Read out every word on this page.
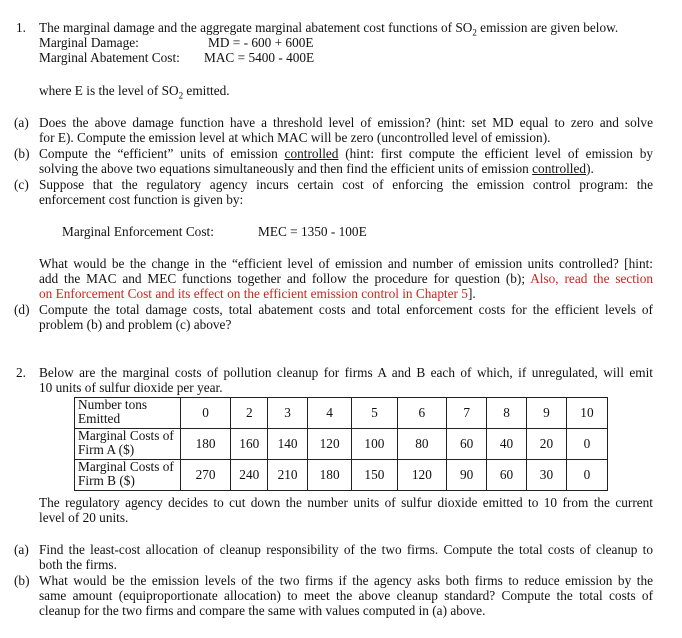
1. The marginal damage and the aggregate marginal abatement cost functions of $SO_2$ emission are given below.
Marginal Damage:	MD = - 600 + 600E
Marginal Abatement Cost: MAC = 5400 - 400E
where E is the level of $SO_2$ emitted.
(a) Does the above damage function have a threshold level of emission? (hint: set MD equal to zero and solve
for E). Compute the emission level at which MAC will be zero (uncontrolled level of emission).
(b) Compute the “efficient” units of emission controlled (hint: first compute the efficient level of emission by
solving the above two equations simultaneously and then find the efficient units of emission controlled).
(c) Suppose that the regulatory agency incurs certain cost of enforcing the emission control program: the
enforcement cost function is given by:
Marginal Enforcement Cost:	MEC = 1350 - 100E
What would be the change in the “efficient level of emission and number of emission units controlled? [hint:
add the MAC and MEC functions together and follow the procedure for question (b); Also, read the section
on Enforcement Cost and its effect on the efficient emission control in Chapter 5].
(d) Compute the total damage costs, total abatement costs and total enforcement costs for the efficient levels of
problem (b) and problem (c) above?
2. Below are the marginal costs of pollution cleanup for firms A and B each of which, if unregulated, will emit
10 units of sulfur dioxide per year.
Number tons Emitted	0	2	3	4	5	6	7	8	9	10
Marginal Costs of Firm A ($)	180	160	140	120	100	80	60	40	20	0
Marginal Costs of Firm B ($)	270	240	210	180	150	120	90	60	30	0
The regulatory agency decides to cut down the number units of sulfur dioxide emitted to 10 from the current
level of 20 units.
(a) Find the least-cost allocation of cleanup responsibility of the two firms. Compute the total costs of cleanup to
both the firms.
(b) What would be the emission levels of the two firms if the agency asks both firms to reduce emission by the
same amount (equiproportionate allocation) to meet the above cleanup standard? Compute the total costs of
cleanup for the two firms and compare the same with values computed in (a) above.
